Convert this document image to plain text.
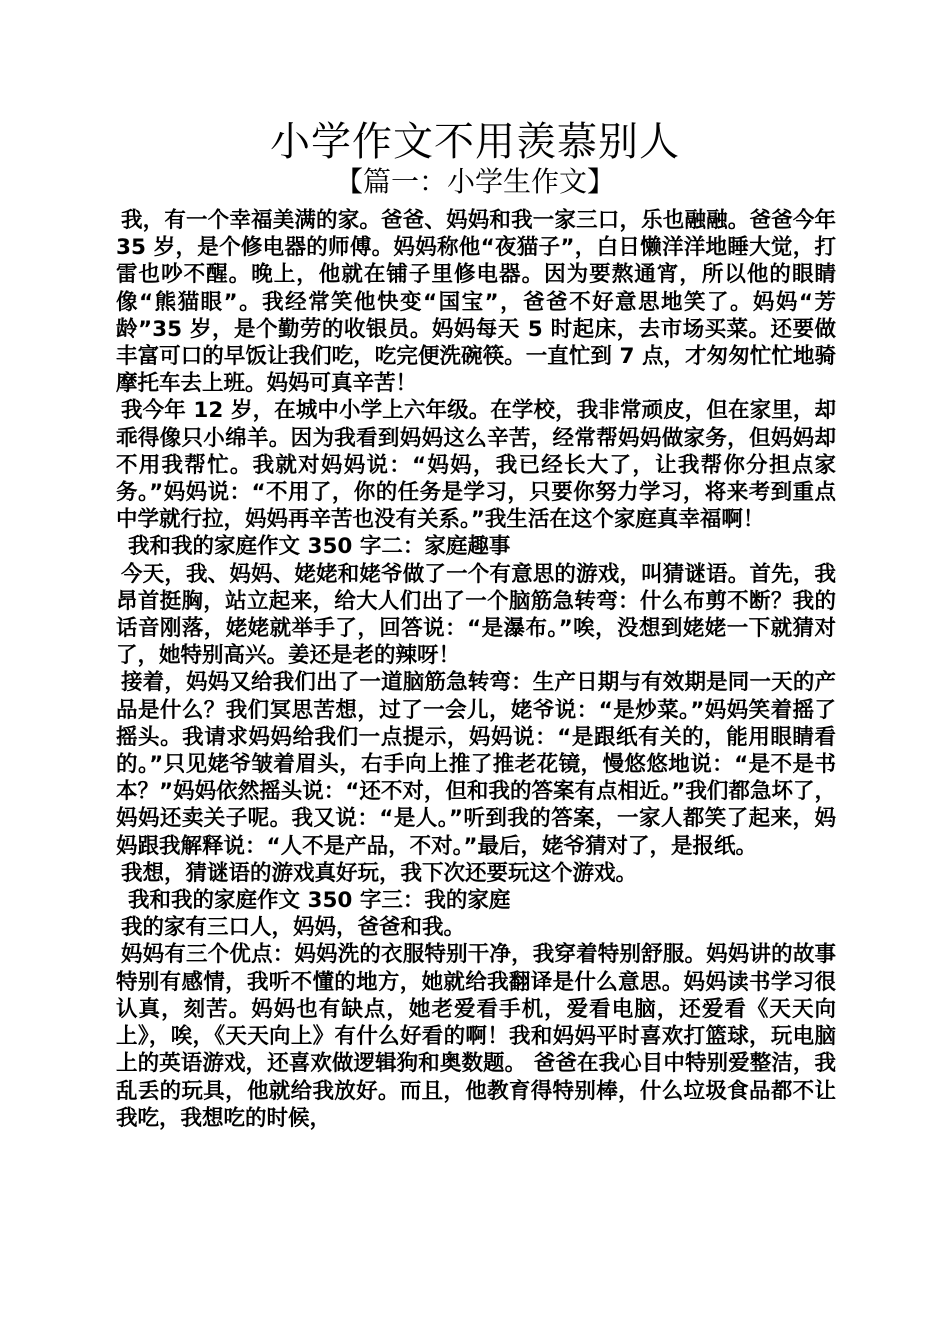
小学作文不用羡慕别人
【篇一：小学生作文】

我，有一个幸福美满的家。爸爸、妈妈和我一家三口，乐也融融。爸爸今年 35 岁，是个修电器的师傅。妈妈称他“夜猫子”，白日懒洋洋地睡大觉，打雷也吵不醒。晚上，他就在铺子里修电器。因为要熬通宵，所以他的眼睛像“熊猫眼”。我经常笑他快变“国宝”，爸爸不好意思地笑了。妈妈“芳龄”35 岁，是个勤劳的收银员。妈妈每天 5 时起床，去市场买菜。还要做丰富可口的早饭让我们吃，吃完便洗碗筷。一直忙到 7 点，才匆匆忙忙地骑摩托车去上班。妈妈可真辛苦！

我今年 12 岁，在城中小学上六年级。在学校，我非常顽皮，但在家里，却乖得像只小绵羊。因为我看到妈妈这么辛苦，经常帮妈妈做家务，但妈妈却不用我帮忙。我就对妈妈说：“妈妈，我已经长大了，让我帮你分担点家务。”妈妈说：“不用了，你的任务是学习，只要你努力学习，将来考到重点中学就行拉，妈妈再辛苦也没有关系。”我生活在这个家庭真幸福啊！

我和我的家庭作文 350 字二：家庭趣事

今天，我、妈妈、姥姥和姥爷做了一个有意思的游戏，叫猜谜语。首先，我昂首挺胸，站立起来，给大人们出了一个脑筋急转弯：什么布剪不断？我的话音刚落，姥姥就举手了，回答说：“是瀑布。”唉，没想到姥姥一下就猜对了，她特别高兴。姜还是老的辣呀！

接着，妈妈又给我们出了一道脑筋急转弯：生产日期与有效期是同一天的产品是什么？我们冥思苦想，过了一会儿，姥爷说：“是炒菜。”妈妈笑着摇了摇头。我请求妈妈给我们一点提示，妈妈说：“是跟纸有关的，能用眼睛看的。”只见姥爷皱着眉头，右手向上推了推老花镜，慢悠悠地说：“是不是书本？”妈妈依然摇头说：“还不对，但和我的答案有点相近。”我们都急坏了，妈妈还卖关子呢。我又说：“是人。”听到我的答案，一家人都笑了起来，妈妈跟我解释说：“人不是产品，不对。”最后，姥爷猜对了，是报纸。

我想，猜谜语的游戏真好玩，我下次还要玩这个游戏。

我和我的家庭作文 350 字三：我的家庭

我的家有三口人，妈妈，爸爸和我。

妈妈有三个优点：妈妈洗的衣服特别干净，我穿着特别舒服。妈妈讲的故事特别有感情，我听不懂的地方，她就给我翻译是什么意思。妈妈读书学习很认真，刻苦。妈妈也有缺点，她老爱看手机，爱看电脑，还爱看《天天向上》，唉，《天天向上》有什么好看的啊！我和妈妈平时喜欢打篮球，玩电脑上的英语游戏，还喜欢做逻辑狗和奥数题。 爸爸在我心目中特别爱整洁，我乱丢的玩具，他就给我放好。而且，他教育得特别棒，什么垃圾食品都不让我吃，我想吃的时候，
